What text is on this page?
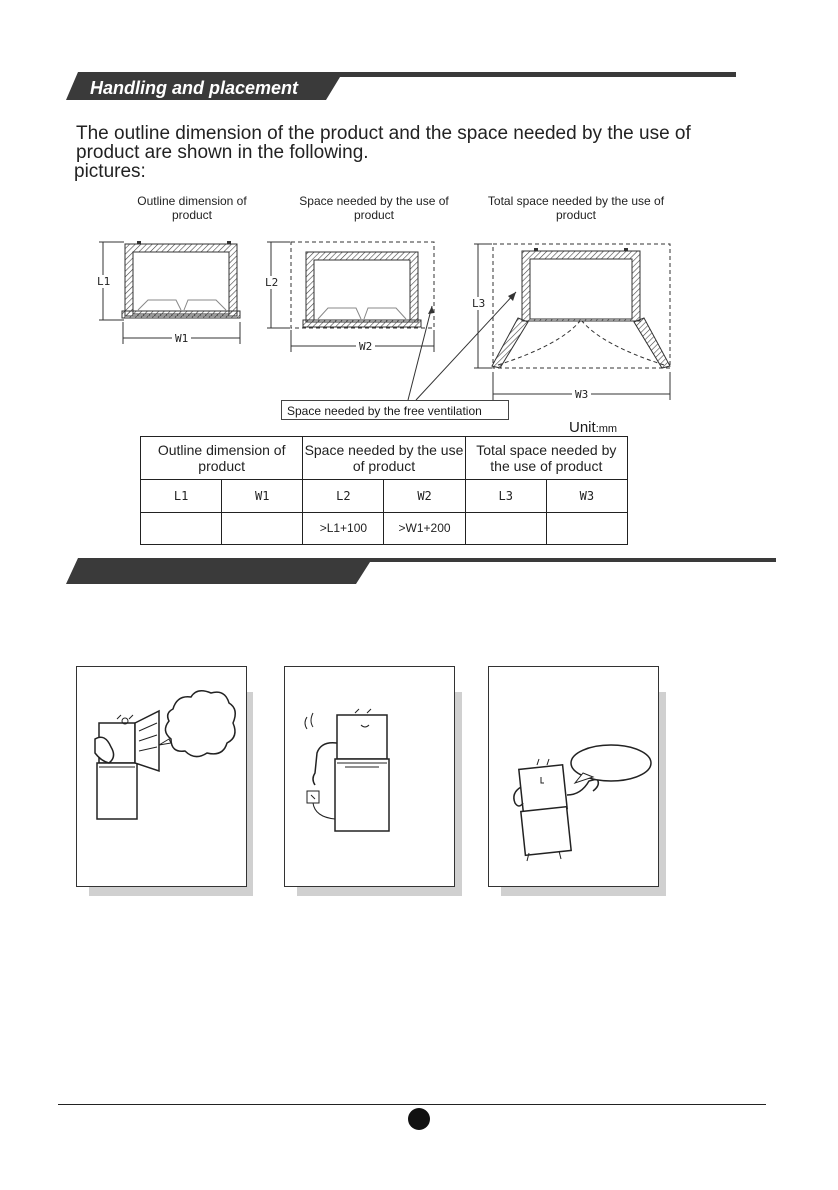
Handling and placement
The outline dimension of the product and the space needed by the use of
product are shown in the following.
pictures:
Outline dimension of product
Space needed by the use of product
Total space needed by the use of product
L1
W1
L2
W2
L3
W3
Space needed by the free ventilation
Unit:mm
Outline dimension of product		Space needed by the use of product		Total space needed by the use of product	
L1	W1	L2	W2	L3	W3
		>L1+100	>W1+200		
